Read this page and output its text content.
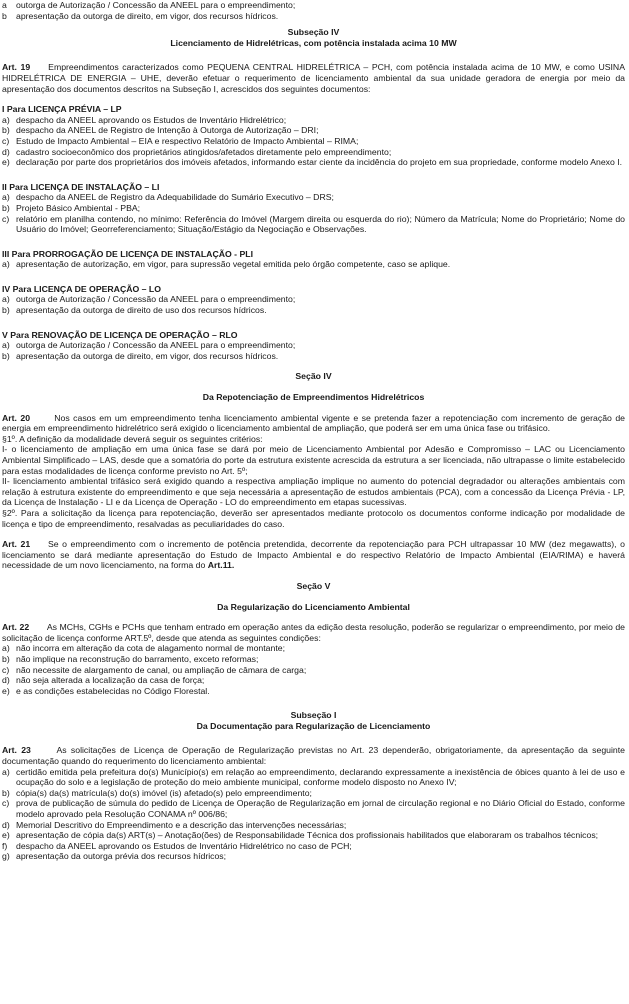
a	outorga de Autorização / Concessão da ANEEL para o empreendimento;
b	apresentação da outorga de direito, em vigor, dos recursos hídricos.
Subseção IV
Licenciamento de Hidrelétricas, com potência instalada acima 10 MW
Art. 19 Empreendimentos caracterizados como PEQUENA CENTRAL HIDRELÉTRICA – PCH, com potência instalada acima de 10 MW, e como USINA HIDRELÉTRICA DE ENERGIA – UHE, deverão efetuar o requerimento de licenciamento ambiental da sua unidade geradora de energia por meio da apresentação dos documentos descritos na Subseção I, acrescidos dos seguintes documentos:
I Para LICENÇA PRÉVIA – LP
a) despacho da ANEEL aprovando os Estudos de Inventário Hidrelétrico;
b) despacho da ANEEL de Registro de Intenção à Outorga de Autorização – DRI;
c) Estudo de Impacto Ambiental – EIA e respectivo Relatório de Impacto Ambiental – RIMA;
d) cadastro socioeconômico dos proprietários atingidos/afetados diretamente pelo empreendimento;
e) declaração por parte dos proprietários dos imóveis afetados, informando estar ciente da incidência do projeto em sua propriedade, conforme modelo Anexo I.
II Para LICENÇA DE INSTALAÇÃO – LI
a) despacho da ANEEL de Registro da Adequabilidade do Sumário Executivo – DRS;
b) Projeto Básico Ambiental - PBA;
c) relatório em planilha contendo, no mínimo: Referência do Imóvel (Margem direita ou esquerda do rio); Número da Matrícula; Nome do Proprietário; Nome do Usuário do Imóvel; Georreferenciamento; Situação/Estágio da Negociação e Observações.
III Para PRORROGAÇÃO DE LICENÇA DE INSTALAÇÃO - PLI
a) apresentação de autorização, em vigor, para supressão vegetal emitida pelo órgão competente, caso se aplique.
IV Para LICENÇA DE OPERAÇÃO – LO
a) outorga de Autorização / Concessão da ANEEL para o empreendimento;
b) apresentação da outorga de direito de uso dos recursos hídricos.
V Para RENOVAÇÃO DE LICENÇA DE OPERAÇÃO – RLO
a) outorga de Autorização / Concessão da ANEEL para o empreendimento;
b) apresentação da outorga de direito, em vigor, dos recursos hídricos.
Seção IV
Da Repotenciação de Empreendimentos Hidrelétricos
Art. 20	Nos casos em um empreendimento tenha licenciamento ambiental vigente e se pretenda fazer a repotenciação com incremento de geração de energia em empreendimento hidrelétrico será exigido o licenciamento ambiental de ampliação, que poderá ser em uma única fase ou trifásico.
§1º. A definição da modalidade deverá seguir os seguintes critérios:
I- o licenciamento de ampliação em uma única fase se dará por meio de Licenciamento Ambiental por Adesão e Compromisso – LAC ou Licenciamento Ambiental Simplificado – LAS, desde que a somatória do porte da estrutura existente acrescida da estrutura a ser licenciada, não ultrapasse o limite estabelecido para estas modalidades de licença conforme previsto no Art. 5º;
II- licenciamento ambiental trifásico será exigido quando a respectiva ampliação implique no aumento do potencial degradador ou alterações ambientais com relação à estrutura existente do empreendimento e que seja necessária a apresentação de estudos ambientais (PCA), com a concessão da Licença Prévia - LP, da Licença de Instalação - LI e da Licença de Operação - LO do empreendimento em etapas sucessivas.
§2º. Para a solicitação da licença para repotenciação, deverão ser apresentados mediante protocolo os documentos conforme indicação por modalidade de licença e tipo de empreendimento, resalvadas as peculiaridades do caso.
Art. 21 Se o empreendimento com o incremento de potência pretendida, decorrente da repotenciação para PCH ultrapassar 10 MW (dez megawatts), o licenciamento se dará mediante apresentação do Estudo de Impacto Ambiental e do respectivo Relatório de Impacto Ambiental (EIA/RIMA) e haverá necessidade de um novo licenciamento, na forma do Art.11.
Seção V
Da Regularização do Licenciamento Ambiental
Art. 22 As MCHs, CGHs e PCHs que tenham entrado em operação antes da edição desta resolução, poderão se regularizar o empreendimento, por meio de solicitação de licença conforme ART.5º, desde que atenda as seguintes condições:
a) não incorra em alteração da cota de alagamento normal de montante;
b) não implique na reconstrução do barramento, exceto reformas;
c) não necessite de alargamento de canal, ou ampliação de câmara de carga;
d) não seja alterada a localização da casa de força;
e) e as condições estabelecidas no Código Florestal.
Subseção I
Da Documentação para Regularização de Licenciamento
Art. 23	As solicitações de Licença de Operação de Regularização previstas no Art. 23 dependerão, obrigatoriamente, da apresentação da seguinte documentação quando do requerimento do licenciamento ambiental:
a) certidão emitida pela prefeitura do(s) Município(s) em relação ao empreendimento, declarando expressamente a inexistência de óbices quanto à lei de uso e ocupação do solo e a legislação de proteção do meio ambiente municipal, conforme modelo disposto no Anexo IV;
b) cópia(s) da(s) matrícula(s) do(s) imóvel (is) afetado(s) pelo empreendimento;
c) prova de publicação de súmula do pedido de Licença de Operação de Regularização em jornal de circulação regional e no Diário Oficial do Estado, conforme modelo aprovado pela Resolução CONAMA nº 006/86;
d) Memorial Descritivo do Empreendimento e a descrição das intervenções necessárias;
e) apresentação de cópia da(s) ART(s) – Anotação(ões) de Responsabilidade Técnica dos profissionais habilitados que elaboraram os trabalhos técnicos;
f) despacho da ANEEL aprovando os Estudos de Inventário Hidrelétrico no caso de PCH;
g) apresentação da outorga prévia dos recursos hídricos;
